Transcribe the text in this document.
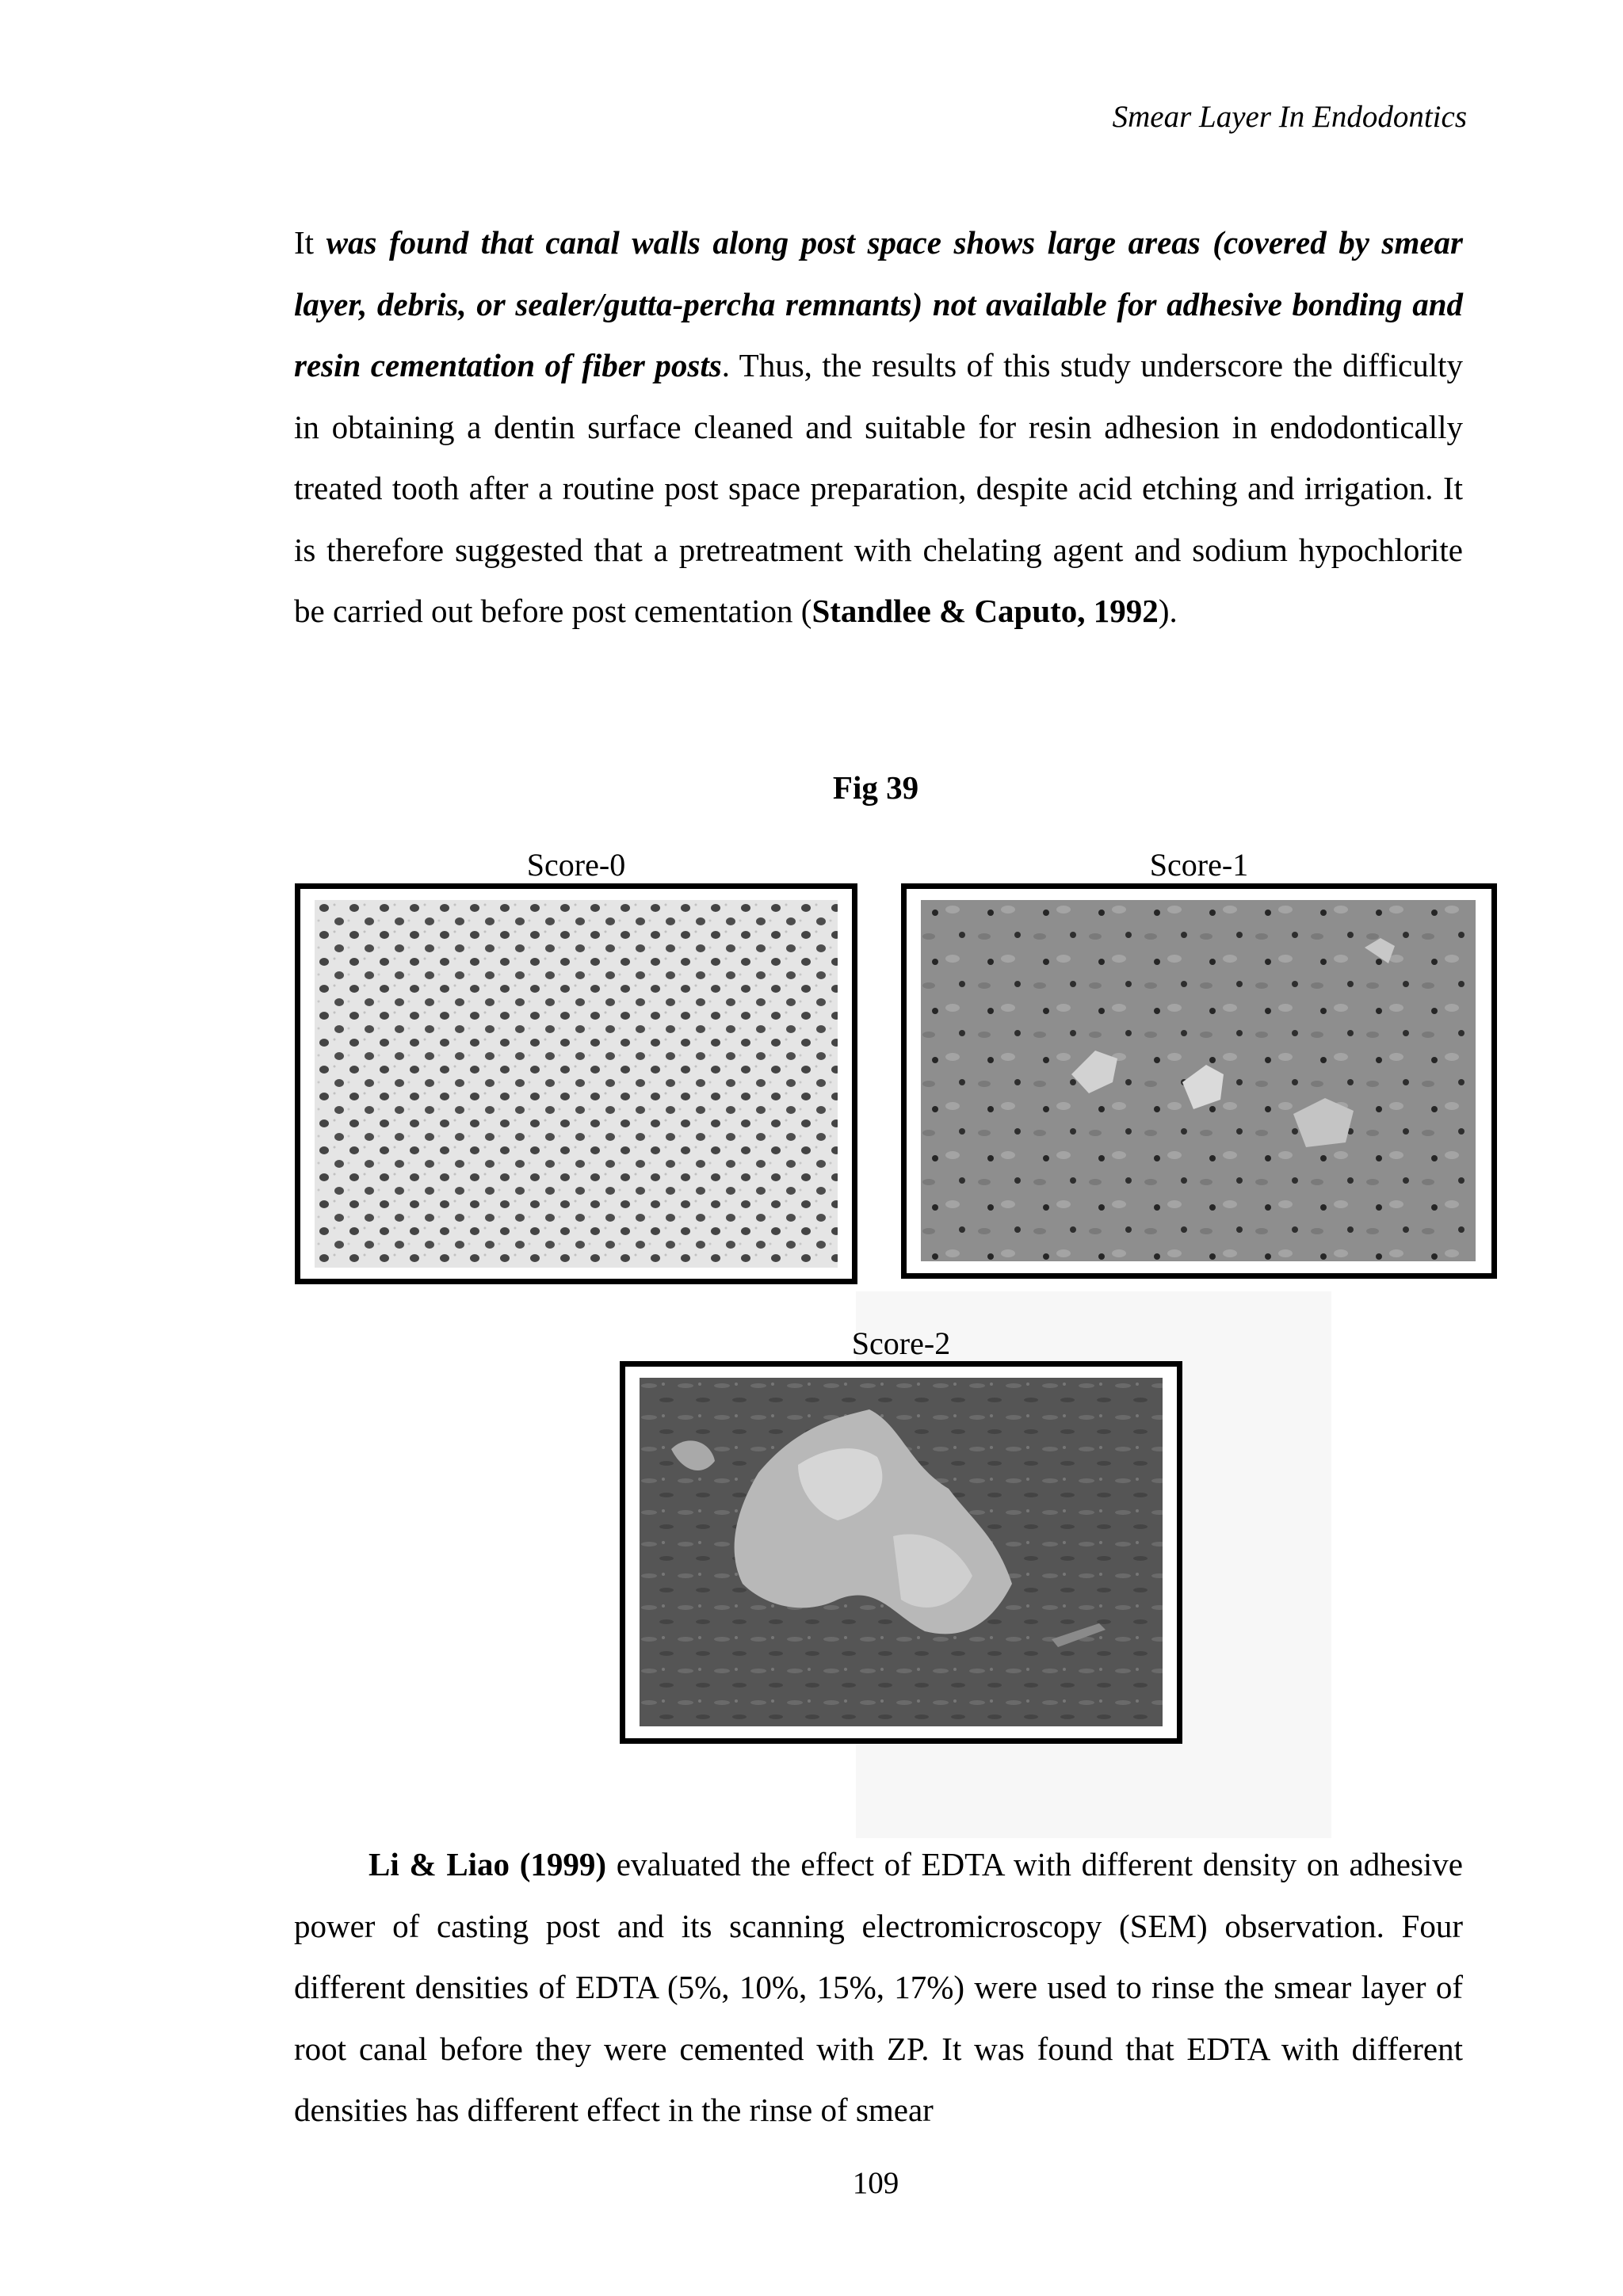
Smear Layer In Endodontics

It was found that canal walls along post space shows large areas (covered by smear layer, debris, or sealer/gutta-percha remnants) not available for adhesive bonding and resin cementation of fiber posts. Thus, the results of this study underscore the difficulty in obtaining a dentin surface cleaned and suitable for resin adhesion in endodontically treated tooth after a routine post space preparation, despite acid etching and irrigation. It is therefore suggested that a pretreatment with chelating agent and sodium hypochlorite be carried out before post cementation (Standlee & Caputo, 1992).

Fig 39
Score-0	Score-1
Score-2

Li & Liao (1999) evaluated the effect of EDTA with different density on adhesive power of casting post and its scanning electromicroscopy (SEM) observation. Four different densities of EDTA (5%, 10%, 15%, 17%) were used to rinse the smear layer of root canal before they were cemented with ZP. It was found that EDTA with different densities has different effect in the rinse of smear

109
